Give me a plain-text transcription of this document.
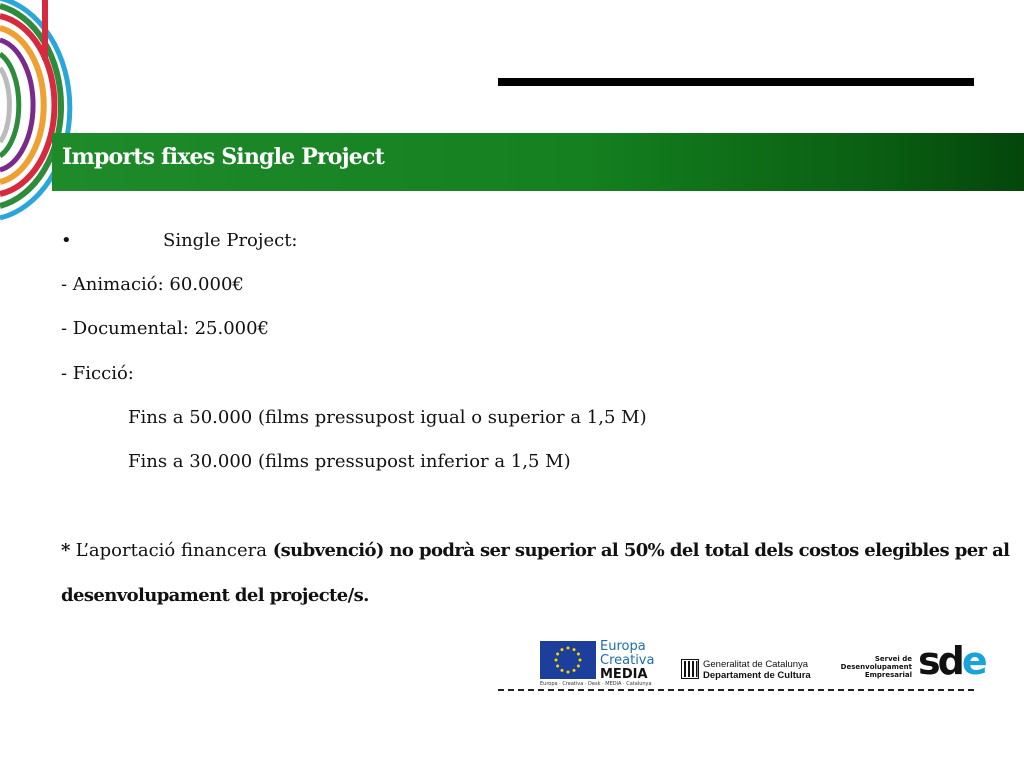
Imports fixes Single Project
•	Single Project:
- Animació: 60.000€
- Documental: 25.000€
- Ficció:
Fins a 50.000 (films pressupost igual o superior a 1,5 M)
Fins a 30.000 (films pressupost inferior a 1,5 M)
* L’aportació financera (subvenció) no podrà ser superior al 50% del total dels costos elegibles per al
desenvolupament del projecte/s.
Europa
Creativa
MEDIA
Europa · Creativa · Desk · MEDIA · Catalunya
Generalitat de Catalunya
Departament de Cultura
Servei de
Desenvolupament
Empresarial sde
